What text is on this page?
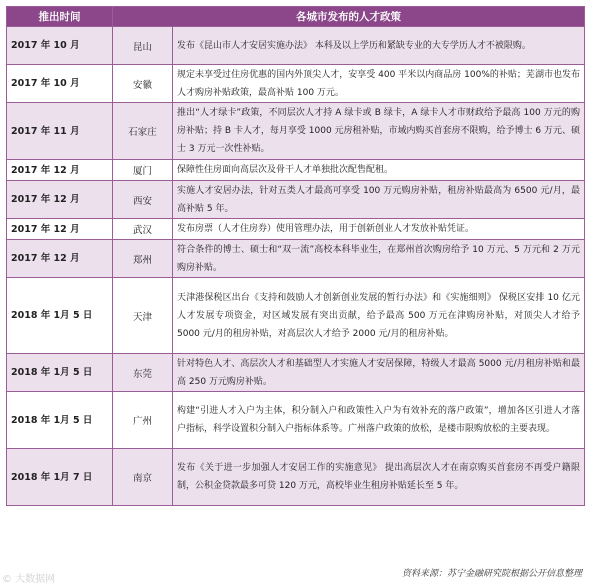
推出时间	各城市发布的人才政策	
2017 年 10 月	昆山	发布《昆山市人才安居实施办法》 本科及以上学历和紧缺专业的大专学历人才不被限购。
2017 年 10 月	安徽	规定未享受过住房优惠的国内外顶尖人才，安享受 400 平米以内商品房 100%的补贴；芜湖市也发布人才购房补贴政策，最高补贴 100 万元。
2017 年 11 月	石家庄	推出“人才绿卡”政策，不同层次人才持 A 绿卡或 B 绿卡，A 绿卡人才市财政给予最高 100 万元的购房补贴；持 B 卡人才，每月享受 1000 元房租补贴，市域内购买首套房不限购，给予博士 6 万元、硕士 3 万元一次性补贴。
2017 年 12 月	厦门	保障性住房面向高层次及骨干人才单独批次配售配租。
2017 年 12 月	西安	实施人才安居办法，针对五类人才最高可享受 100 万元购房补贴，租房补贴最高为 6500 元/月，最高补贴 5 年。
2017 年 12 月	武汉	发布房票（人才住房券）使用管理办法，用于创新创业人才发放补贴凭证。
2017 年 12 月	郑州	符合条件的博士、硕士和“双一流”高校本科毕业生，在郑州首次购房给予 10 万元、5 万元和 2 万元购房补贴。
2018 年 1月 5 日	天津	天津港保税区出台《支持和鼓励人才创新创业发展的暂行办法》和《实施细则》 保税区安排 10 亿元人才发展专项资金，对区域发展有突出贡献，给予最高 500 万元在津购房补贴，对顶尖人才给予 5000 元/月的租房补贴，对高层次人才给予 2000 元/月的租房补贴。
2018 年 1月 5 日	东莞	针对特色人才、高层次人才和基础型人才实施人才安居保障，特级人才最高 5000 元/月租房补贴和最高 250 万元购房补贴。
2018 年 1月 5 日	广州	构建“引进人才入户为主体，积分制入户和政策性入户为有效补充的落户政策”，增加各区引进人才落户指标，科学设置积分制入户指标体系等。广州落户政策的放松，是楼市限购放松的主要表现。
2018 年 1月 7 日	南京	发布《关于进一步加强人才安居工作的实施意见》 提出高层次人才在南京购买首套房不再受户籍限制，公积金贷款最多可贷 120 万元，高校毕业生租房补贴延长至 5 年。
© 大数据网	资料来源：苏宁金融研究院根据公开信息整理
